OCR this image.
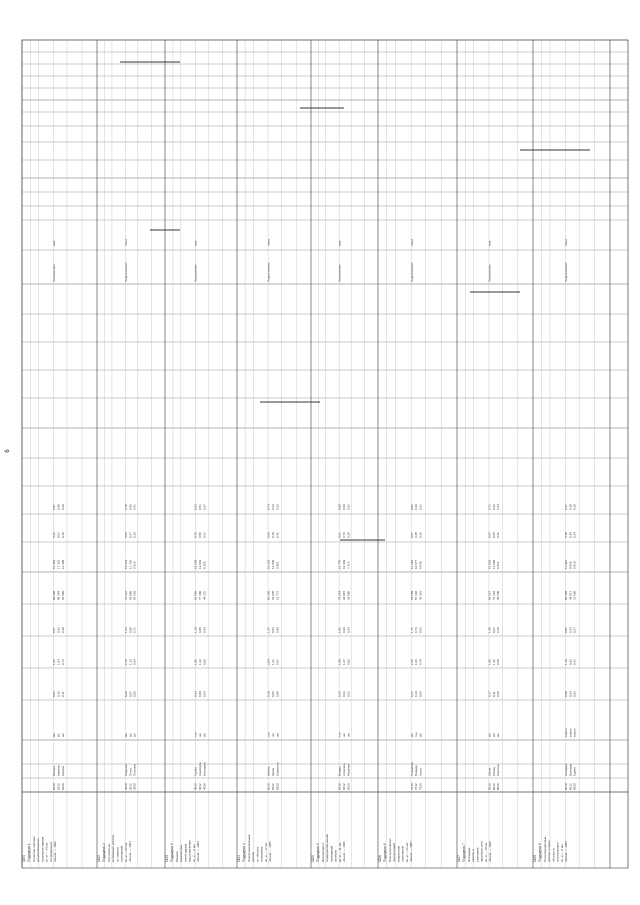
1191 Подрядчик 1 Проектно-сметная документация на капремонт здания кв. м — 14 шт. спецификация объект — 1002
2010
Бетонн.
м3
0,03
1,25
0,57
89 490
10 452
0,43
0,97
2012
Каменн.
м2
0,16
1,04
0,62
88 304
17 361
0,51
0,45
2020
Кровля
м2
0,11
0,73
0,48
66 950
12 408
0,38
0,29
Установлено
вып.
1192 Подрядчик 2 Строительно- монтажные работы по отделке помещений кв. м — 22 шт. объект — 1003
3010
Отделка
м2
0,22
2,15
1,64
72 112
15 034
0,66
0,78
3012
Полы
м2
0,07
1,12
0,88
69 850
11 740
0,47
0,55
3020
Потолки
м2
0,05
0,94
0,71
54 203
9 615
0,39
0,41
Подготовлено
план
1193 Подрядчик 3 Монтаж инженерных сетей здания водоснабжение кв. м — 9 шт. объект — 1004
4010
Трубы
п.м
0,14
1,82
1,10
91 006
18 220
0,72
0,63
4012
Арматура
шт
0,09
1,33
0,95
77 480
13 902
0,58
0,51
4020
Изоляция
м2
0,04
0,66
0,42
48 115
8 305
0,33
0,27
Установлено
вып.
1194 Подрядчик 4 Электромонтажные работы по объекту освещение кв. м — 17 шт. объект — 1005
5010
Кабель
п.м
0,19
2,04
1,37
83 640
16 118
0,69
0,74
5012
Щиты
шт
0,06
1,21
0,83
62 930
12 006
0,49
0,44
5020
Светильн.
шт
0,08
0,87
0,59
51 772
9 981
0,41
0,36
Подготовлено
план
1195 Подрядчик 5 Вентиляция и кондиционирование помещений системы кв. м — 11 шт. объект — 1006
6010
Воздух.
п.м
0,12
1,58
1,02
79 264
14 770
0,61
0,58
6012
Агрегаты
шт
0,03
1,47
0,99
94 015
19 402
0,76
0,69
6020
Решётки
шт
0,02
0,52
0,34
39 880
7 214
0,28
0,22
Установлено
вып.
1196 Подрядчик 6 Благоустройство прилегающей территории озеленение кв. м — 26 шт. объект — 1007
7010
Покрытие
м2
0,27
2,36
1,71
68 509
13 384
0,57
0,82
7012
Бордюр
п.м
0,10
1,09
0,74
57 340
10 877
0,45
0,49
7020
Газон
м2
0,06
0,78
0,53
42 661
8 049
0,35
0,31
Подготовлено
план
1197 Подрядчик 7 Фасадные работы и утепление наружных стен кв. м — 19 шт. объект — 1008
8010
Утепл.
м2
0,17
1,96
1,28
86 027
16 853
0,67
0,71
8012
Облиц.
м2
0,11
1,42
0,97
73 118
14 095
0,55
0,60
8020
Окраска
м2
0,05
0,69
0,46
45 790
8 612
0,32
0,34
Установлено
вып.
1198 Подрядчик 8 Пусконаладочные работы и сдача объекта в эксплуатацию кв. м — 8 шт. объект — 1009
9010
Наладка
компл
0,08
1,19
0,81
58 406
11 203
0,48
0,47
9012
Испытан.
компл
0,04
0,92
0,64
49 917
9 540
0,40
0,38
9020
Сдача
компл
0,02
0,41
0,27
31 550
6 018
0,24
0,19
Подготовлено
план
6
